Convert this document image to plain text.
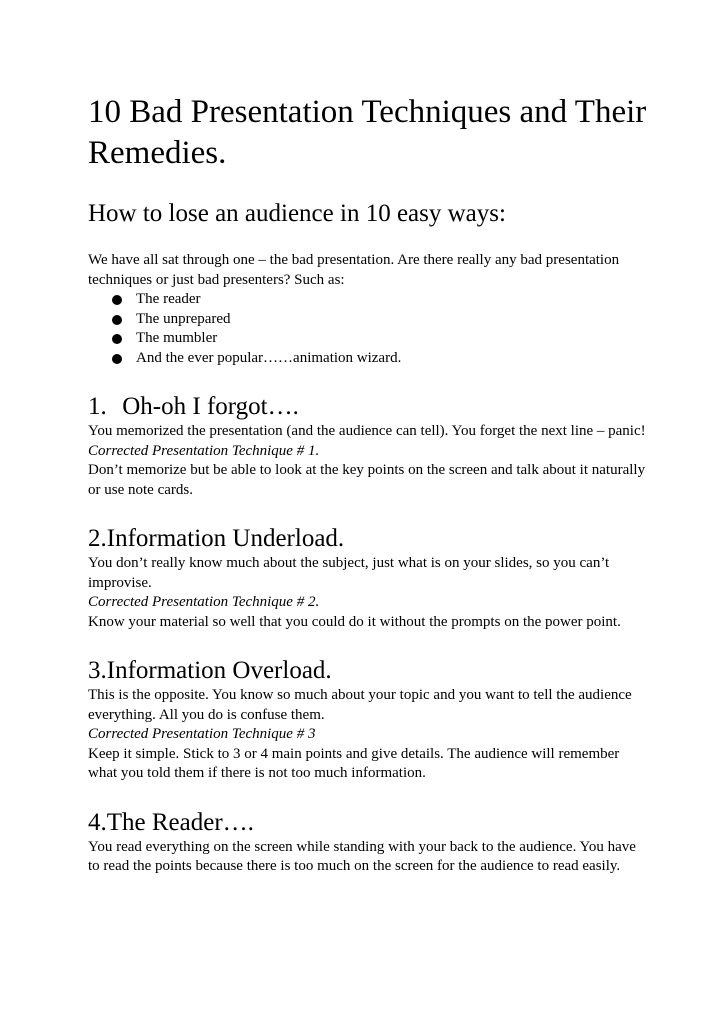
10 Bad Presentation Techniques and Their Remedies.
How to lose an audience in 10 easy ways:

We have all sat through one – the bad presentation. Are there really any bad presentation techniques or just bad presenters? Such as:

The reader
The unprepared
The mumbler
And the ever popular……animation wizard.
1. Oh-oh I forgot….

You memorized the presentation (and the audience can tell). You forget the next line – panic!

Corrected Presentation Technique # 1.

Don’t memorize but be able to look at the key points on the screen and talk about it naturally or use note cards.

2.Information Underload.

You don’t really know much about the subject, just what is on your slides, so you can’t improvise.

Corrected Presentation Technique # 2.

Know your material so well that you could do it without the prompts on the power point.

3.Information Overload.

This is the opposite. You know so much about your topic and you want to tell the audience everything. All you do is confuse them.

Corrected Presentation Technique # 3

Keep it simple. Stick to 3 or 4 main points and give details. The audience will remember what you told them if there is not too much information.

4.The Reader….

You read everything on the screen while standing with your back to the audience. You have to read the points because there is too much on the screen for the audience to read easily.
